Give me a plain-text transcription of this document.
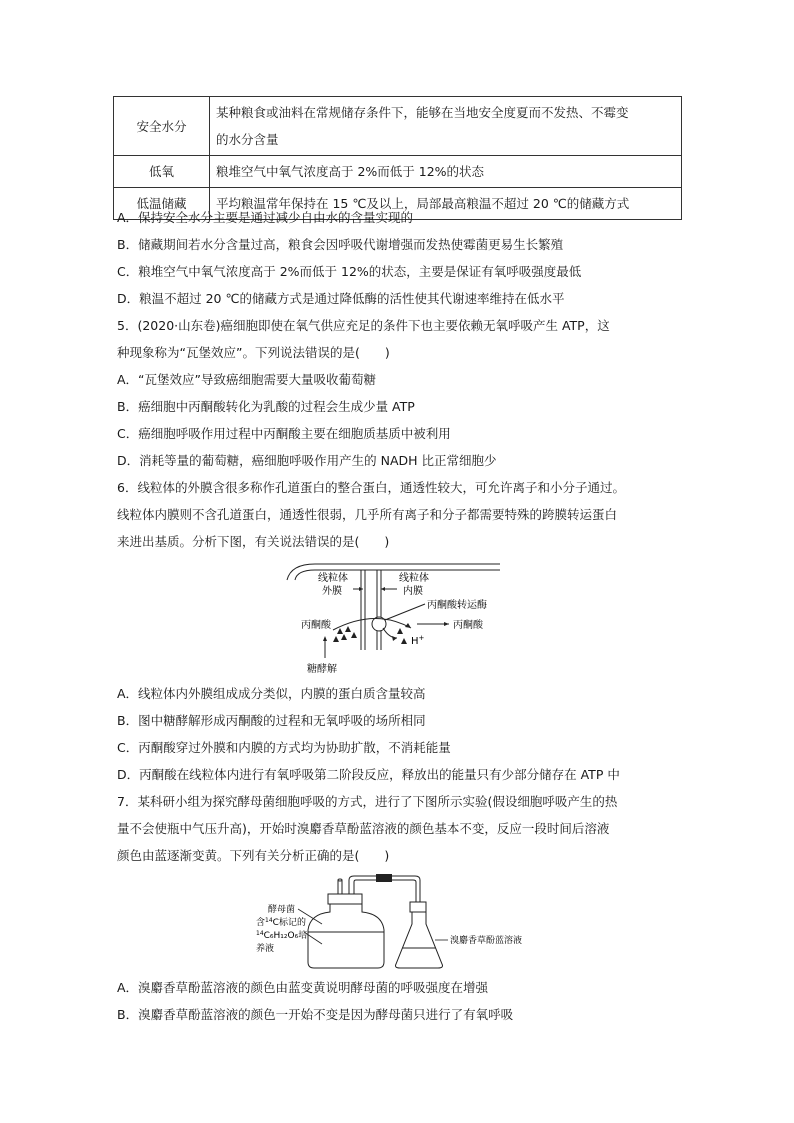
安全水分	某种粮食或油料在常规储存条件下，能够在当地安全度夏而不发热、不霉变
的水分含量

低氧	粮堆空气中氧气浓度高于 2%而低于 12%的状态

低温储藏	平均粮温常年保持在 15 ℃及以上，局部最高粮温不超过 20 ℃的储藏方式
A．保持安全水分主要是通过减少自由水的含量实现的
B．储藏期间若水分含量过高，粮食会因呼吸代谢增强而发热使霉菌更易生长繁殖
C．粮堆空气中氧气浓度高于 2%而低于 12%的状态，主要是保证有氧呼吸强度最低
D．粮温不超过 20 ℃的储藏方式是通过降低酶的活性使其代谢速率维持在低水平
5．(2020·山东卷)癌细胞即使在氧气供应充足的条件下也主要依赖无氧呼吸产生 ATP，这
种现象称为“瓦堡效应”。下列说法错误的是(　　)
A．“瓦堡效应”导致癌细胞需要大量吸收葡萄糖
B．癌细胞中丙酮酸转化为乳酸的过程会生成少量 ATP
C．癌细胞呼吸作用过程中丙酮酸主要在细胞质基质中被利用
D．消耗等量的葡萄糖，癌细胞呼吸作用产生的 NADH 比正常细胞少
6．线粒体的外膜含很多称作孔道蛋白的整合蛋白，通透性较大，可允许离子和小分子通过。
线粒体内膜则不含孔道蛋白，通透性很弱，几乎所有离子和分子都需要特殊的跨膜转运蛋白
来进出基质。分析下图，有关说法错误的是(　　)
线粒体
外膜
线粒体
内膜
丙酮酸转运酶
丙酮酸	丙酮酸
H+
糖酵解
A．线粒体内外膜组成成分类似，内膜的蛋白质含量较高
B．图中糖酵解形成丙酮酸的过程和无氧呼吸的场所相同
C．丙酮酸穿过外膜和内膜的方式均为协助扩散，不消耗能量
D．丙酮酸在线粒体内进行有氧呼吸第二阶段反应，释放出的能量只有少部分储存在 ATP 中
7．某科研小组为探究酵母菌细胞呼吸的方式，进行了下图所示实验(假设细胞呼吸产生的热
量不会使瓶中气压升高)，开始时溴麝香草酚蓝溶液的颜色基本不变，反应一段时间后溶液
颜色由蓝逐渐变黄。下列有关分析正确的是(　　)
酵母菌
含$^{14}$C标记的
$^{14}$C₆H₁₂O₆培
养液
溴麝香草酚蓝溶液
A．溴麝香草酚蓝溶液的颜色由蓝变黄说明酵母菌的呼吸强度在增强
B．溴麝香草酚蓝溶液的颜色一开始不变是因为酵母菌只进行了有氧呼吸
